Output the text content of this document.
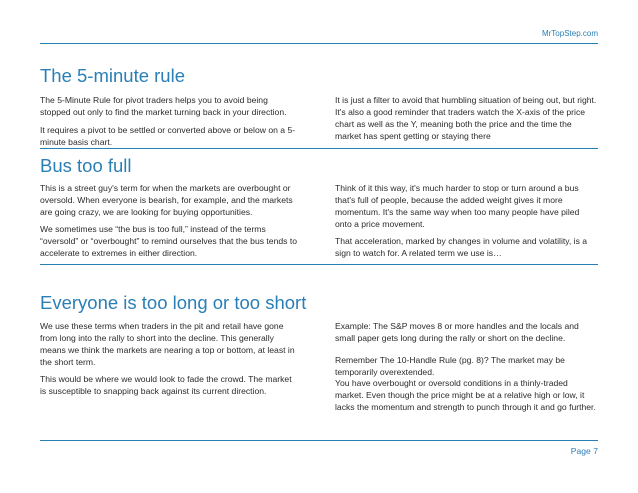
MrTopStep.com
The 5-minute rule

The 5-Minute Rule for pivot traders helps you to avoid being stopped out only to find the market turning back in your direction.

It requires a pivot to be settled or converted above or below on a 5- minute basis chart.

It is just a filter to avoid that humbling situation of being out, but right. It's also a good reminder that traders watch the X-axis of the price chart as well as the Y, meaning both the price and the time the market has spent getting or staying there

Bus too full

This is a street guy's term for when the markets are overbought or oversold. When everyone is bearish, for example, and the markets are going crazy, we are looking for buying opportunities.

We sometimes use “the bus is too full,” instead of the terms “oversold” or “overbought” to remind ourselves that the bus tends to accelerate to extremes in either direction.

Think of it this way, it's much harder to stop or turn around a bus that's full of people, because the added weight gives it more momentum. It's the same way when too many people have piled onto a price movement.

That acceleration, marked by changes in volume and volatility, is a sign to watch for. A related term we use is…

Everyone is too long or too short

We use these terms when traders in the pit and retail have gone from long into the rally to short into the decline. This generally means we think the markets are nearing a top or bottom, at least in the short term.

This would be where we would look to fade the crowd. The market is susceptible to snapping back against its current direction.

Example: The S&P moves 8 or more handles and the locals and small paper gets long during the rally or short on the decline.

Remember The 10-Handle Rule (pg. 8)? The market may be temporarily overextended.

You have overbought or oversold conditions in a thinly-traded market. Even though the price might be at a relative high or low, it lacks the momentum and strength to punch through it and go further.

Page 7
